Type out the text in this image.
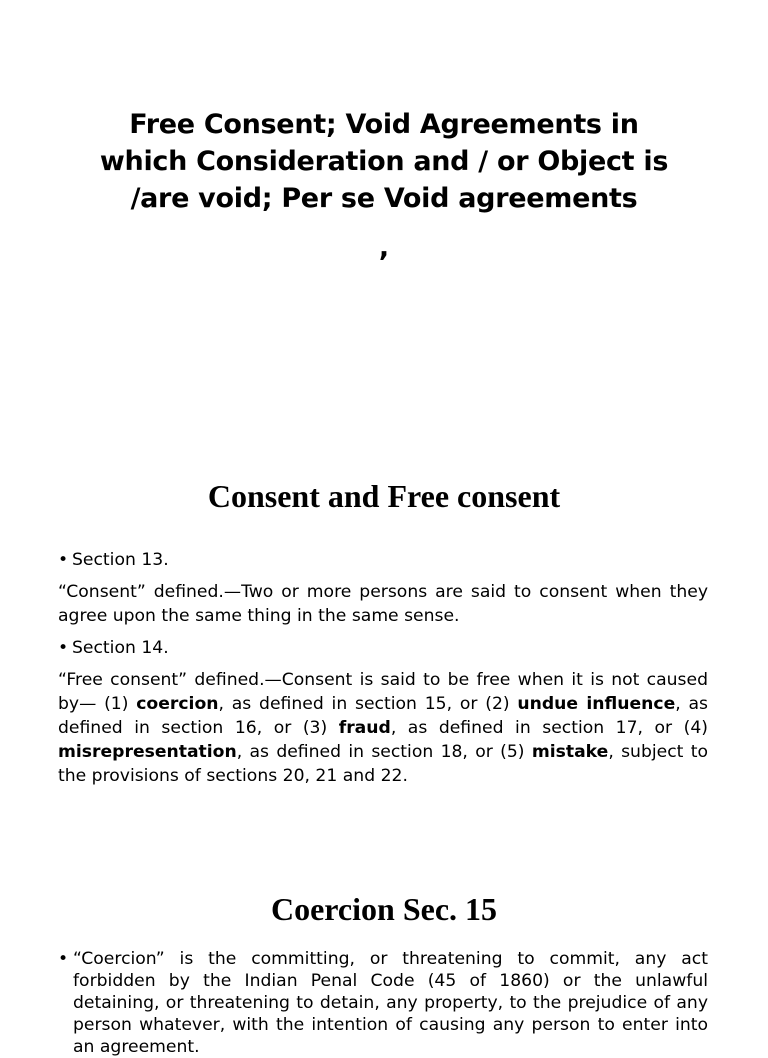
Free Consent; Void Agreements in
which Consideration and / or Object is
/are void; Per se Void agreements
,
Consent and Free consent

• Section 13.

“Consent” defined.—Two or more persons are said to consent when they agree upon the same thing in the same sense.

• Section 14.

“Free consent” defined.—Consent is said to be free when it is not caused by— (1) coercion, as defined in section 15, or (2) undue influence, as defined in section 16, or (3) fraud, as defined in section 17, or (4) misrepresentation, as defined in section 18, or (5) mistake, subject to the provisions of sections 20, 21 and 22.

Coercion Sec. 15
• “Coercion” is the committing, or threatening to commit, any act forbidden by the Indian Penal Code (45 of 1860) or the unlawful detaining, or threatening to detain, any property, to the prejudice of any person whatever, with the intention of causing any person to enter into an agreement.
